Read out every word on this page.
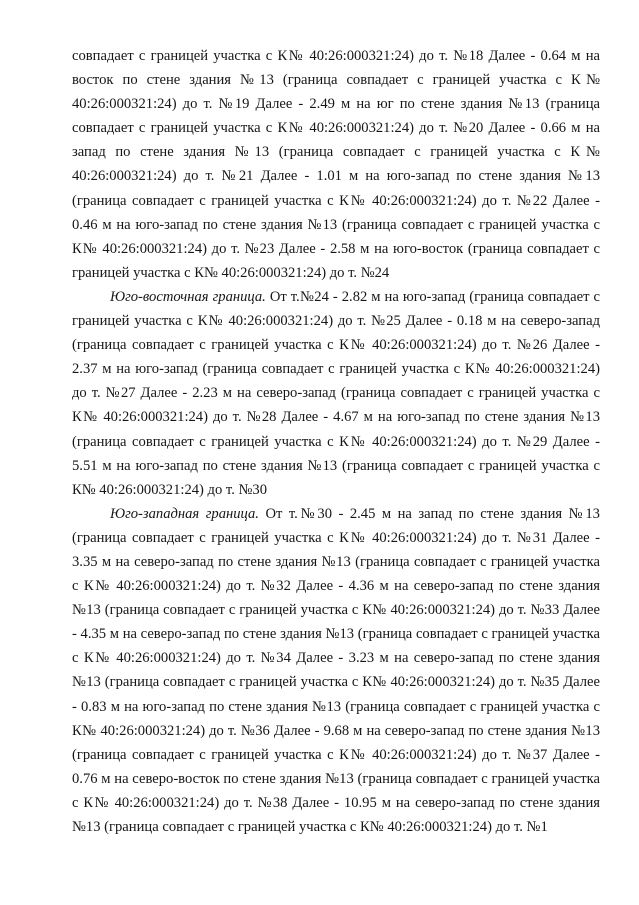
совпадает с границей участка с К№ 40:26:000321:24) до т. №18 Далее - 0.64 м на восток по стене здания №13 (граница совпадает с границей участка с К№ 40:26:000321:24) до т. №19 Далее - 2.49 м на юг по стене здания №13 (граница совпадает с границей участка с К№ 40:26:000321:24) до т. №20 Далее - 0.66 м на запад по стене здания №13 (граница совпадает с границей участка с К№ 40:26:000321:24) до т. №21 Далее - 1.01 м на юго-запад по стене здания №13 (граница совпадает с границей участка с К№ 40:26:000321:24) до т. №22 Далее - 0.46 м на юго-запад по стене здания №13 (граница совпадает с границей участка с К№ 40:26:000321:24) до т. №23 Далее - 2.58 м на юго-восток (граница совпадает с границей участка с К№ 40:26:000321:24) до т. №24

Юго-восточная граница. От т.№24 - 2.82 м на юго-запад (граница совпадает с границей участка с К№ 40:26:000321:24) до т. №25 Далее - 0.18 м на северо-запад (граница совпадает с границей участка с К№ 40:26:000321:24) до т. №26 Далее - 2.37 м на юго-запад (граница совпадает с границей участка с К№ 40:26:000321:24) до т. №27 Далее - 2.23 м на северо-запад (граница совпадает с границей участка с К№ 40:26:000321:24) до т. №28 Далее - 4.67 м на юго-запад по стене здания №13 (граница совпадает с границей участка с К№ 40:26:000321:24) до т. №29 Далее - 5.51 м на юго-запад по стене здания №13 (граница совпадает с границей участка с К№ 40:26:000321:24) до т. №30

Юго-западная граница. От т.№30 - 2.45 м на запад по стене здания №13 (граница совпадает с границей участка с К№ 40:26:000321:24) до т. №31 Далее - 3.35 м на северо-запад по стене здания №13 (граница совпадает с границей участка с К№ 40:26:000321:24) до т. №32 Далее - 4.36 м на северо-запад по стене здания №13 (граница совпадает с границей участка с К№ 40:26:000321:24) до т. №33 Далее - 4.35 м на северо-запад по стене здания №13 (граница совпадает с границей участка с К№ 40:26:000321:24) до т. №34 Далее - 3.23 м на северо-запад по стене здания №13 (граница совпадает с границей участка с К№ 40:26:000321:24) до т. №35 Далее - 0.83 м на юго-запад по стене здания №13 (граница совпадает с границей участка с К№ 40:26:000321:24) до т. №36 Далее - 9.68 м на северо-запад по стене здания №13 (граница совпадает с границей участка с К№ 40:26:000321:24) до т. №37 Далее - 0.76 м на северо-восток по стене здания №13 (граница совпадает с границей участка с К№ 40:26:000321:24) до т. №38 Далее - 10.95 м на северо-запад по стене здания №13 (граница совпадает с границей участка с К№ 40:26:000321:24) до т. №1
